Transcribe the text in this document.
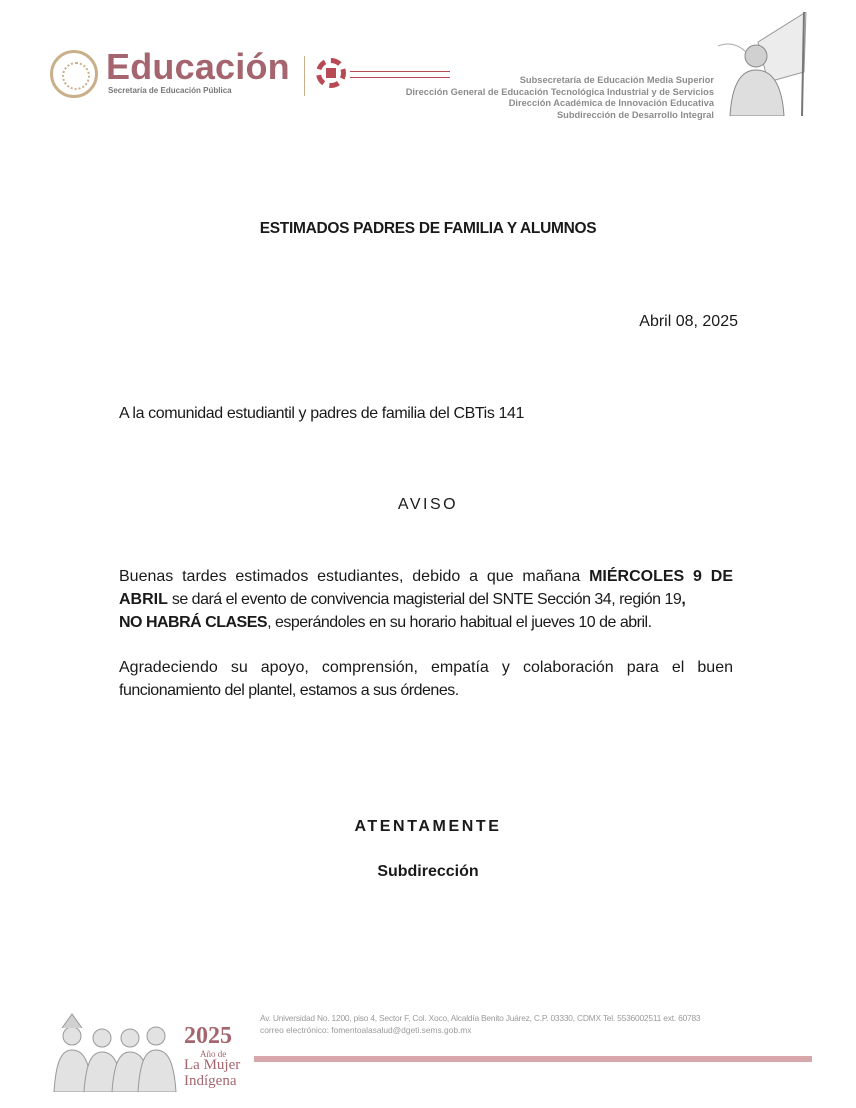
Educación
Secretaría de Educación Pública
Subsecretaría de Educación Media Superior
Dirección General de Educación Tecnológica Industrial y de Servicios
Dirección Académica de Innovación Educativa
Subdirección de Desarrollo Integral
ESTIMADOS PADRES DE FAMILIA Y ALUMNOS
Abril 08, 2025
A la comunidad estudiantil y padres de familia del CBTis 141
AVISO
Buenas tardes estimados estudiantes, debido a que mañana MIÉRCOLES 9 DE ABRIL se dará el evento de convivencia magisterial del SNTE Sección 34, región 19,
NO HABRÁ CLASES, esperándoles en su horario habitual el jueves 10 de abril.
Agradeciendo su apoyo, comprensión, empatía y colaboración para el buen funcionamiento del plantel, estamos a sus órdenes.
ATENTAMENTE
Subdirección
2025
Año de
La Mujer
Indígena
Av. Universidad No. 1200, piso 4, Sector F, Col. Xoco, Alcaldía Benito Juárez, C.P. 03330, CDMX Tel. 5536002511 ext. 60783
correo electrónico: fomentoalasalud@dgeti.sems.gob.mx
